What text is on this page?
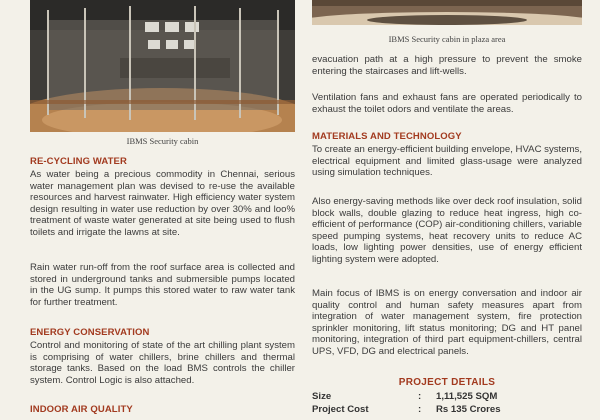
IBMS Security cabin
RE-CYCLING WATER
As water being a precious commodity in Chennai, serious water management plan was devised to re-use the available resources and harvest rainwater. High efficiency water system design resulting in water use reduction by over 30% and loo% treatment of waste water generated at site being used to flush toilets and irrigate the lawns at site.
Rain water run-off from the roof surface area is collected and stored in underground tanks and submersible pumps located in the UG sump. It pumps this stored water to raw water tank for further treatment.
ENERGY CONSERVATION
Control and monitoring of state of the art chilling plant system is comprising of water chillers, brine chillers and thermal storage tanks. Based on the load BMS controls the chiller system. Control Logic is also attached.
INDOOR AIR QUALITY
IBMS Security cabin in plaza area
evacuation path at a high pressure to prevent the smoke entering the staircases and lift-wells.
Ventilation fans and exhaust fans are operated periodically to exhaust the toilet odors and ventilate the areas.
MATERIALS AND TECHNOLOGY
To create an energy-efficient building envelope, HVAC systems, electrical equipment and limited glass-usage were analyzed using simulation techniques.
Also energy-saving methods like over deck roof insulation, solid block walls, double glazing to reduce heat ingress, high co-efficient of performance (COP) air-conditioning chillers, variable speed pumping systems, heat recovery units to reduce AC loads, low lighting power densities, use of energy efficient lighting system were adopted.
Main focus of IBMS is on energy conversation and indoor air quality control and human safety measures apart from integration of water management system, fire protection sprinkler monitoring, lift status monitoring; DG and HT panel monitoring, integration of third part equipment-chillers, central UPS, VFD, DG and electrical panels.
PROJECT DETAILS
Size	: 1,11,525 SQM
Project Cost	: Rs 135 Crores
